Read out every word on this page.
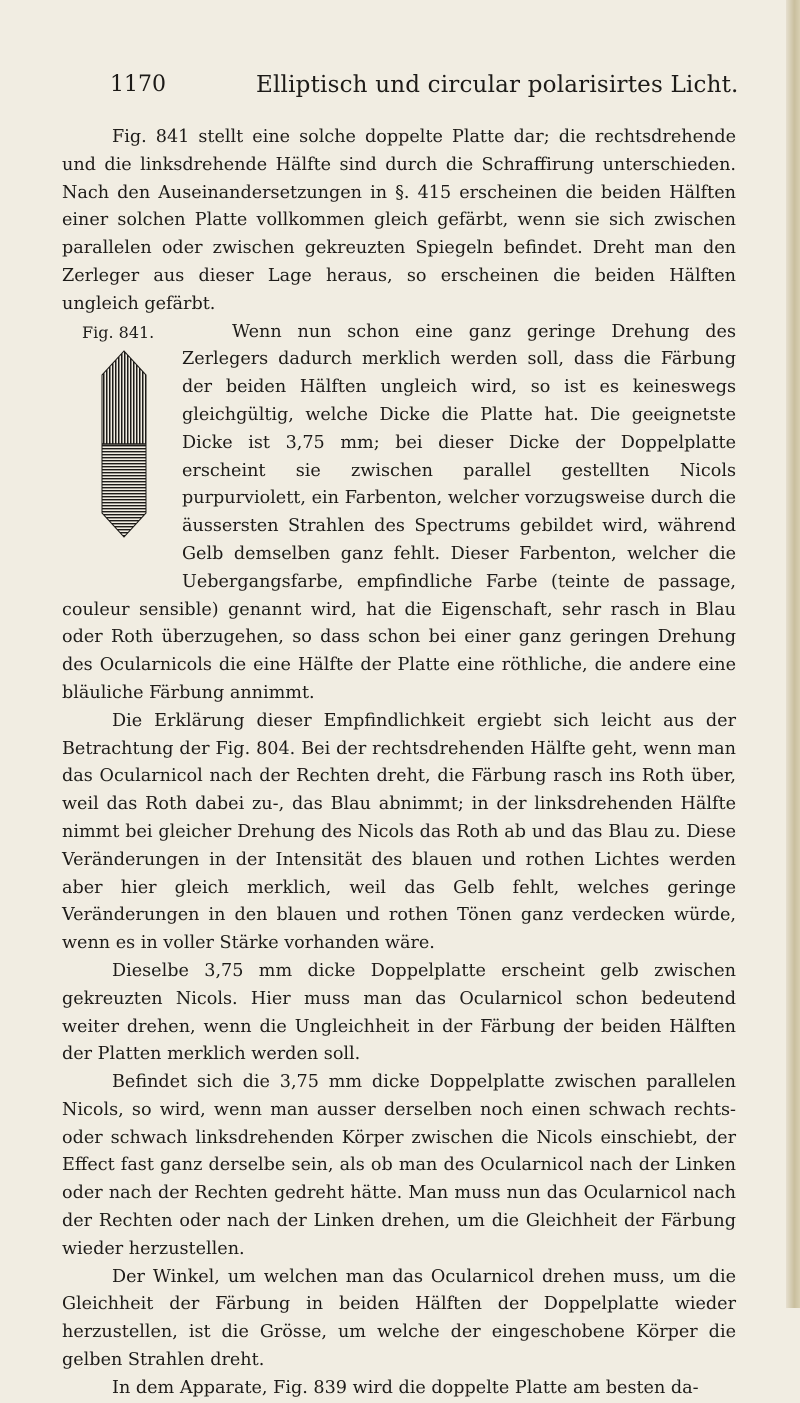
1170	Elliptisch und circular polarisirtes Licht.

Fig. 841 stellt eine solche doppelte Platte dar; die rechtsdrehende und die linksdrehende Hälfte sind durch die Schraffirung unterschieden. Nach den Auseinandersetzungen in §. 415 erscheinen die beiden Hälften einer solchen Platte vollkommen gleich gefärbt, wenn sie sich zwischen parallelen oder zwischen gekreuzten Spiegeln befindet. Dreht man den Zerleger aus dieser Lage heraus, so erscheinen die beiden Hälften ungleich gefärbt.

Fig. 841.	Wenn nun schon eine ganz geringe Drehung des Zerlegers dadurch merklich werden soll, dass die Färbung der beiden Hälften ungleich wird, so ist es keineswegs gleichgültig, welche Dicke die Platte hat. Die geeignetste Dicke ist 3,75 mm; bei dieser Dicke der Doppelplatte erscheint sie zwischen parallel gestellten Nicols purpurviolett, ein Farbenton, welcher vorzugsweise durch die äussersten Strahlen des Spectrums gebildet wird, während Gelb demselben ganz fehlt. Dieser Farbenton, welcher die Uebergangsfarbe, empfindliche Farbe (teinte de passage, couleur sensible) genannt wird, hat die Eigenschaft, sehr rasch in Blau oder Roth überzugehen, so dass schon bei einer ganz geringen Drehung des Ocularnicols die eine Hälfte der Platte eine röthliche, die andere eine bläuliche Färbung annimmt.

Die Erklärung dieser Empfindlichkeit ergiebt sich leicht aus der Betrachtung der Fig. 804. Bei der rechtsdrehenden Hälfte geht, wenn man das Ocularnicol nach der Rechten dreht, die Färbung rasch ins Roth über, weil das Roth dabei zu-, das Blau abnimmt; in der linksdrehenden Hälfte nimmt bei gleicher Drehung des Nicols das Roth ab und das Blau zu. Diese Veränderungen in der Intensität des blauen und rothen Lichtes werden aber hier gleich merklich, weil das Gelb fehlt, welches geringe Veränderungen in den blauen und rothen Tönen ganz verdecken würde, wenn es in voller Stärke vorhanden wäre.

Dieselbe 3,75 mm dicke Doppelplatte erscheint gelb zwischen gekreuzten Nicols. Hier muss man das Ocularnicol schon bedeutend weiter drehen, wenn die Ungleichheit in der Färbung der beiden Hälften der Platten merklich werden soll.

Befindet sich die 3,75 mm dicke Doppelplatte zwischen parallelen Nicols, so wird, wenn man ausser derselben noch einen schwach rechts- oder schwach linksdrehenden Körper zwischen die Nicols einschiebt, der Effect fast ganz derselbe sein, als ob man des Ocularnicol nach der Linken oder nach der Rechten gedreht hätte. Man muss nun das Ocularnicol nach der Rechten oder nach der Linken drehen, um die Gleichheit der Färbung wieder herzustellen.

Der Winkel, um welchen man das Ocularnicol drehen muss, um die Gleichheit der Färbung in beiden Hälften der Doppelplatte wieder herzustellen, ist die Grösse, um welche der eingeschobene Körper die gelben Strahlen dreht.

In dem Apparate, Fig. 839 wird die doppelte Platte am besten da-
